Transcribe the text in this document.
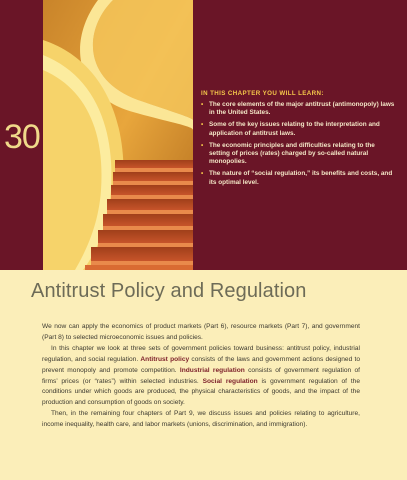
30
IN THIS CHAPTER YOU WILL LEARN:
• The core elements of the major antitrust (antimonopoly) laws in the United States.
• Some of the key issues relating to the interpretation and application of antitrust laws.
• The economic principles and difficulties relating to the setting of prices (rates) charged by so-called natural monopolies.
• The nature of “social regulation,” its benefits and costs, and its optimal level.
Antitrust Policy and Regulation

We now can apply the economics of product markets (Part 6), resource markets (Part 7), and government (Part 8) to selected microeconomic issues and policies.

In this chapter we look at three sets of government policies toward business: antitrust policy, industrial regulation, and social regulation. Antitrust policy consists of the laws and government actions designed to prevent monopoly and promote competition. Industrial regulation consists of government regulation of firms’ prices (or “rates”) within selected industries. Social regulation is government regulation of the conditions under which goods are produced, the physical characteristics of goods, and the impact of the production and consumption of goods on society.

Then, in the remaining four chapters of Part 9, we discuss issues and policies relating to agriculture, income inequality, health care, and labor markets (unions, discrimination, and immigration).
